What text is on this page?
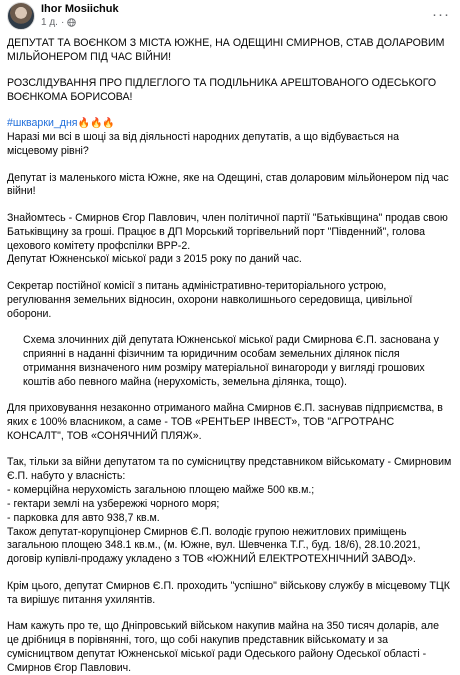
Ihor Mosiichuk
1 д. ·	···
ДЕПУТАТ ТА ВОЄНКОМ З МІСТА ЮЖНЕ, НА ОДЕЩИНІ СМИРНОВ, СТАВ ДОЛАРОВИМ МІЛЬЙОНЕРОМ ПІД ЧАС ВІЙНИ!
РОЗСЛІДУВАННЯ ПРО ПІДЛЕГЛОГО ТА ПОДІЛЬНИКА АРЕШТОВАНОГО ОДЕСЬКОГО ВОЄНКОМА БОРИСОВА!
#шкварки_дня🔥🔥🔥
Наразі ми всі в шоці за від діяльності народних депутатів, а що відбувається на місцевому рівні?
Депутат із маленького міста Южне, яке на Одещині, став доларовим мільйонером під час війни!
Знайомтесь - Смирнов Єгор Павлович, член політичної партії "Батьківщина" продав свою Батьківщину за гроші. Працює в ДП Морський торгівельний порт "Південний", голова цехового комітету профспілки ВРР-2.
Депутат Южненської міської ради з 2015 року по даний час.
Секретар постійної комісії з питань адміністративно-територіального устрою, регулювання земельних відносин, охорони навколишнього середовища, цивільної оборони.
Схема злочинних дій депутата Южненської міської ради Смирнова Є.П. заснована у сприянні в наданні фізичним та юридичним особам земельних ділянок після отримання визначеного ним розміру матеріальної винагороди у вигляді грошових коштів або певного майна (нерухомість, земельна ділянка, тощо).
Для приховування незаконно отриманого майна Смирнов Є.П. заснував підприємства, в яких є 100% власником, а саме - ТОВ «РЕНТЬЕР ІНВЕСТ», ТОВ "АГРОТРАНС КОНСАЛТ", ТОВ «СОНЯЧНИЙ ПЛЯЖ».
Так, тільки за війни депутатом та по сумісництву представником військомату - Смирновим Є.П. набуто у власність:
- комерційна нерухомість загальною площею майже 500 кв.м.;
- гектари землі на узбережжі чорного моря;
- парковка для авто 938,7 кв.м.
Також депутат-корупціонер Смирнов Є.П. володіє групою нежитлових приміщень загальною площею 348.1 кв.м., (м. Южне, вул. Шевченка Т.Г., буд. 18/6), 28.10.2021, договір купівлі-продажу укладено з ТОВ «ЮЖНИЙ ЕЛЕКТРОТЕХНІЧНИЙ ЗАВОД».
Крім цього, депутат Смирнов Є.П. проходить "успішно" військову службу в місцевому ТЦК та вирішує питання ухилянтів.
Нам кажуть про те, що Дніпровський військом накупив майна на 350 тисяч доларів, але це дрібниця в порівнянні, того, що собі накупив представник військомату и за сумісництвом депутат Южненської міської ради Одеського району Одеської області - Смирнов Єгор Павлович.
